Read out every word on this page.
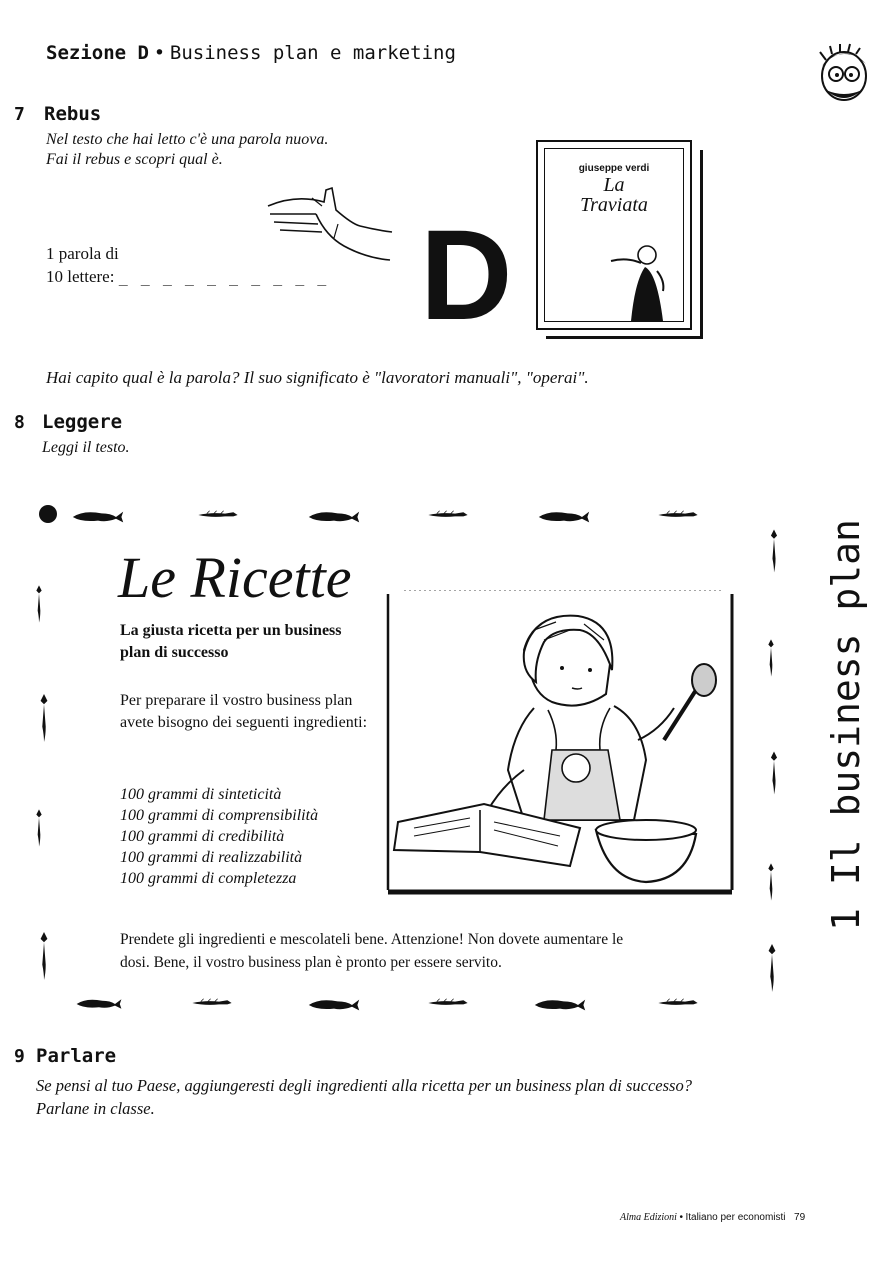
Sezione D • Business plan e marketing
7 Rebus
Nel testo che hai letto c'è una parola nuova.
Fai il rebus e scopri qual è.
1 parola di
10 lettere: _ _ _ _ _ _ _ _ _ _ D
giuseppe verdi
La
Traviata
Hai capito qual è la parola? Il suo significato è "lavoratori manuali", "operai".
8 Leggere
Leggi il testo.
Le Ricette
La giusta ricetta per un business plan di successo
Per preparare il vostro business plan avete bisogno dei seguenti ingredienti:
100 grammi di sinteticità
100 grammi di comprensibilità
100 grammi di credibilità
100 grammi di realizzabilità
100 grammi di completezza
Prendete gli ingredienti e mescolateli bene. Attenzione! Non dovete aumentare le dosi. Bene, il vostro business plan è pronto per essere servito.
1 Il business plan
9 Parlare
Se pensi al tuo Paese, aggiungeresti degli ingredienti alla ricetta per un business plan di successo?
Parlane in classe.
Alma Edizioni • Italiano per economisti 79
